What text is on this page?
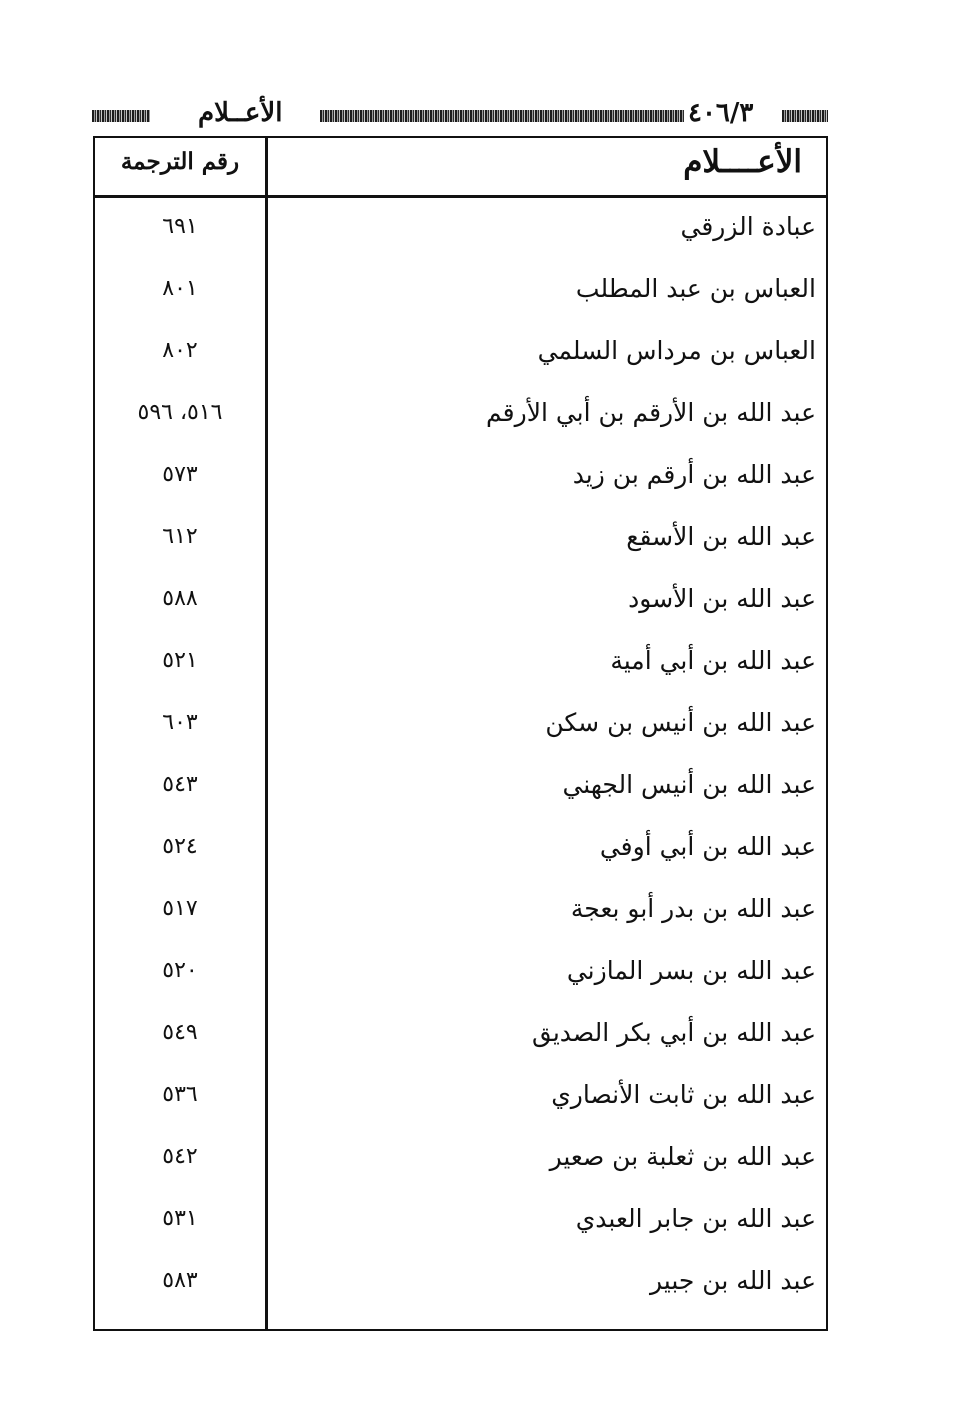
الأعــلام	٤٠٦/٣
رقم الترجمة	الأعــــلام
٦٩١	عبادة الزرقي
٨٠١	العباس بن عبد المطلب
٨٠٢	العباس بن مرداس السلمي
٥١٦، ٥٩٦	عبد الله بن الأرقم بن أبي الأرقم
٥٧٣	عبد الله بن أرقم بن زيد
٦١٢	عبد الله بن الأسقع
٥٨٨	عبد الله بن الأسود
٥٢١	عبد الله بن أبي أمية
٦٠٣	عبد الله بن أنيس بن سكن
٥٤٣	عبد الله بن أنيس الجهني
٥٢٤	عبد الله بن أبي أوفي
٥١٧	عبد الله بن بدر أبو بعجة
٥٢٠	عبد الله بن بسر المازني
٥٤٩	عبد الله بن أبي بكر الصديق
٥٣٦	عبد الله بن ثابت الأنصاري
٥٤٢	عبد الله بن ثعلبة بن صعير
٥٣١	عبد الله بن جابر العبدي
٥٨٣	عبد الله بن جبير
